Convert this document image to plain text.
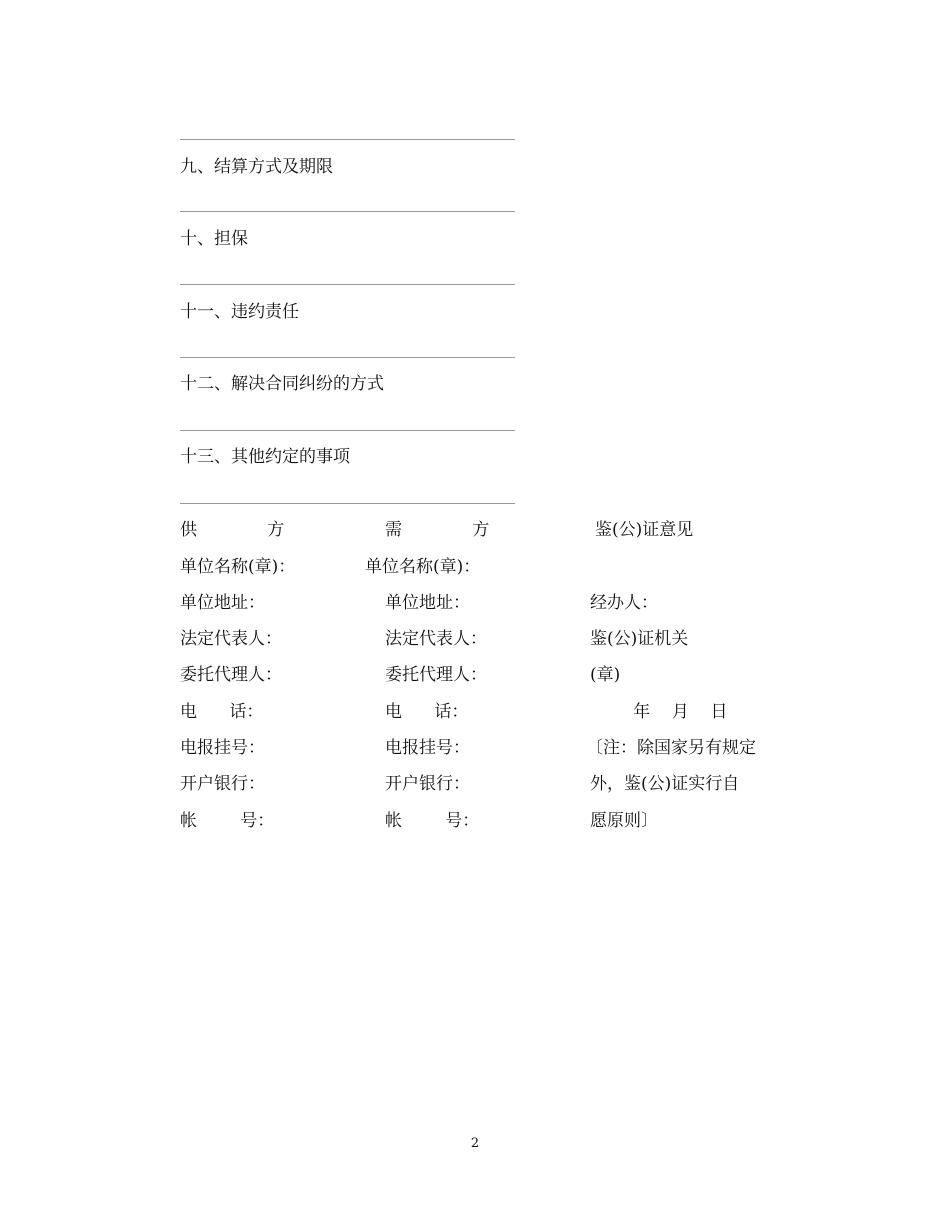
九、结算方式及期限
十、担保
十一、违约责任
十二、解决合同纠纷的方式
十三、其他约定的事项
供             方	需             方	鉴(公)证意见
单位名称(章)：	单位名称(章)：
单位地址：	单位地址：	经办人：
法定代表人：	法定代表人：	鉴(公)证机关
委托代理人：	委托代理人：	(章)
电      话：	电      话：	年    月    日
电报挂号：	电报挂号：	〔注：除国家另有规定
开户银行：	开户银行：	外，鉴(公)证实行自
帐        号：	帐        号：	愿原则〕
2
